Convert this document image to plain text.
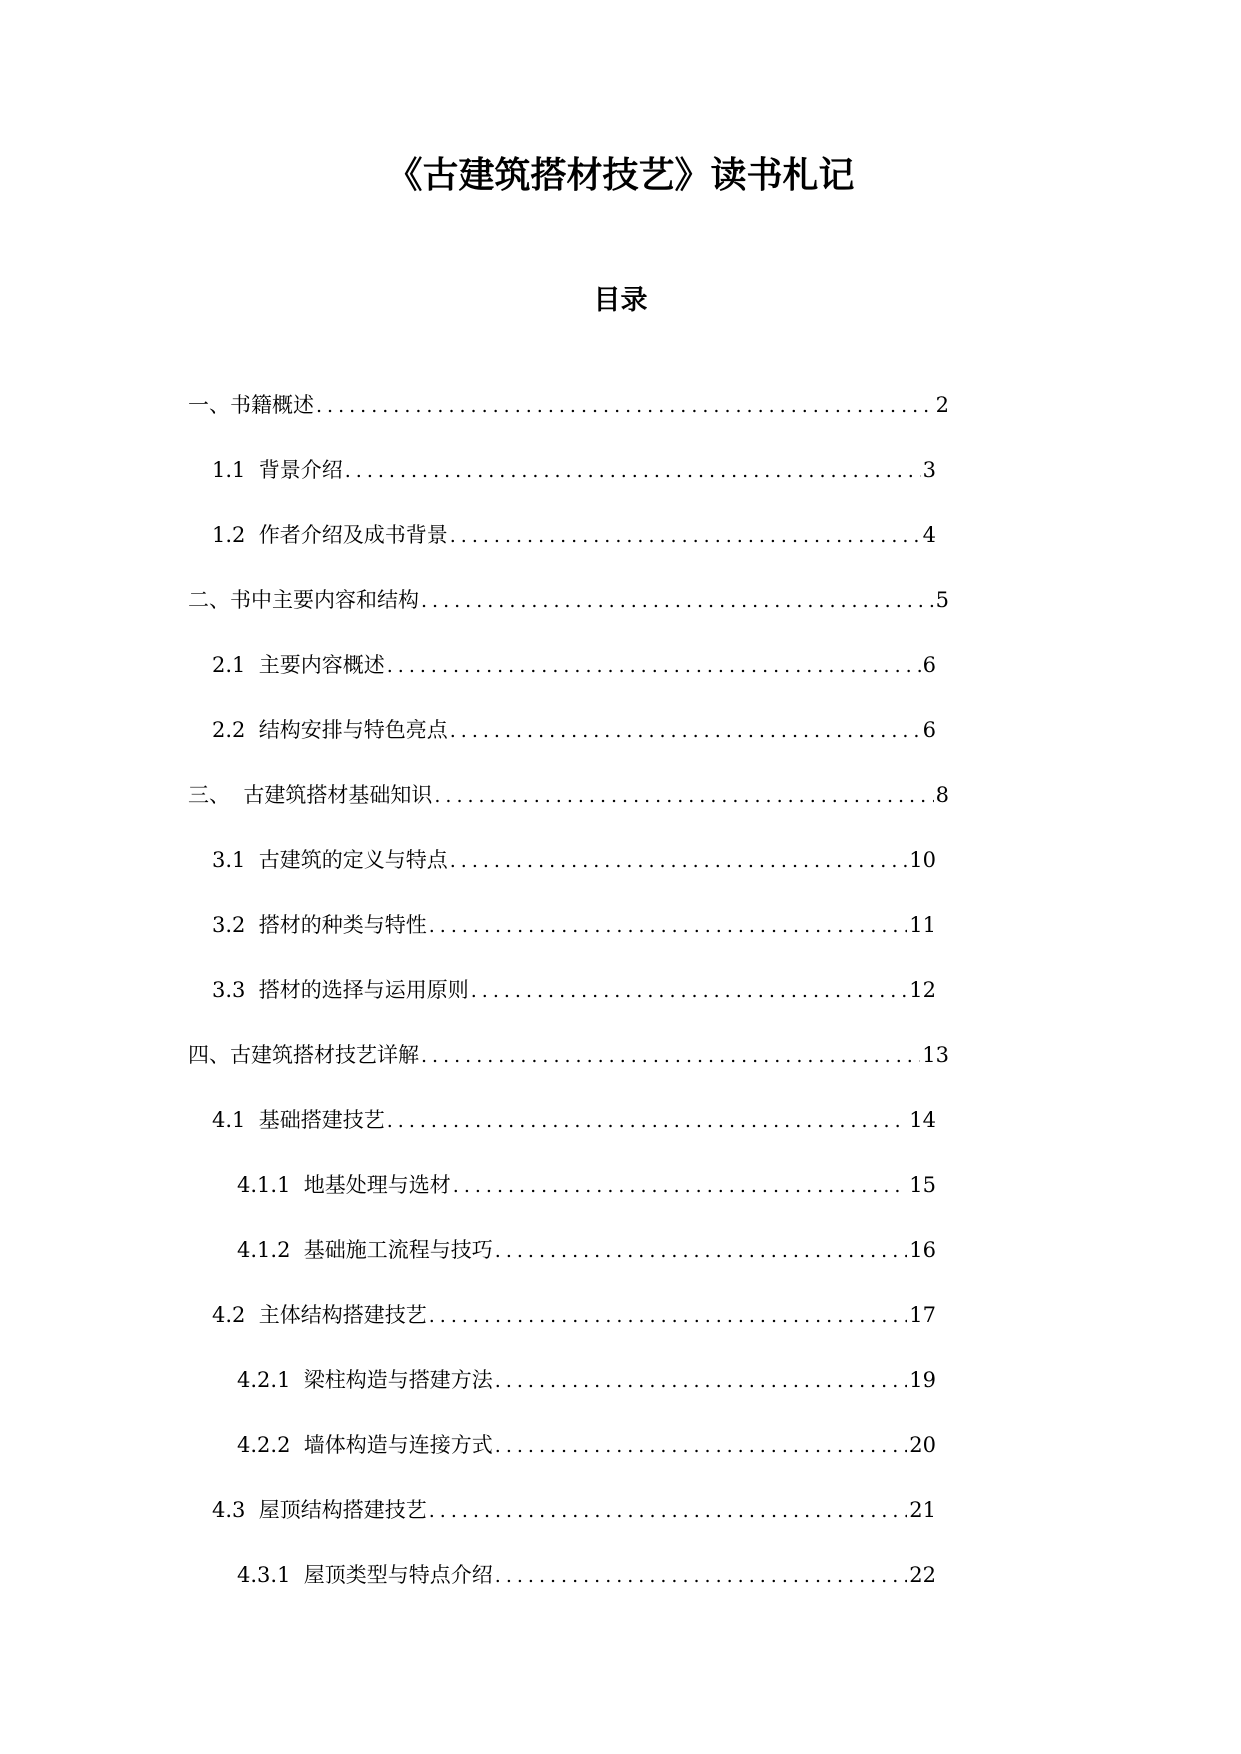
《古建筑搭材技艺》读书札记
目录
一、书籍概述 .....	2
1.1  背景介绍 .....	3
1.2  作者介绍及成书背景 .....	4
二、书中主要内容和结构 .....	5
2.1  主要内容概述 .....	6
2.2  结构安排与特色亮点 .....	6
三、  古建筑搭材基础知识 .....	8
3.1  古建筑的定义与特点 .....	10
3.2  搭材的种类与特性 .....	11
3.3  搭材的选择与运用原则 .....	12
四、古建筑搭材技艺详解 .....	13
4.1  基础搭建技艺 .....	14
4.1.1  地基处理与选材 .....	15
4.1.2  基础施工流程与技巧 .....	16
4.2  主体结构搭建技艺 .....	17
4.2.1  梁柱构造与搭建方法 .....	19
4.2.2  墙体构造与连接方式 .....	20
4.3  屋顶结构搭建技艺 .....	21
4.3.1  屋顶类型与特点介绍 .....	22
